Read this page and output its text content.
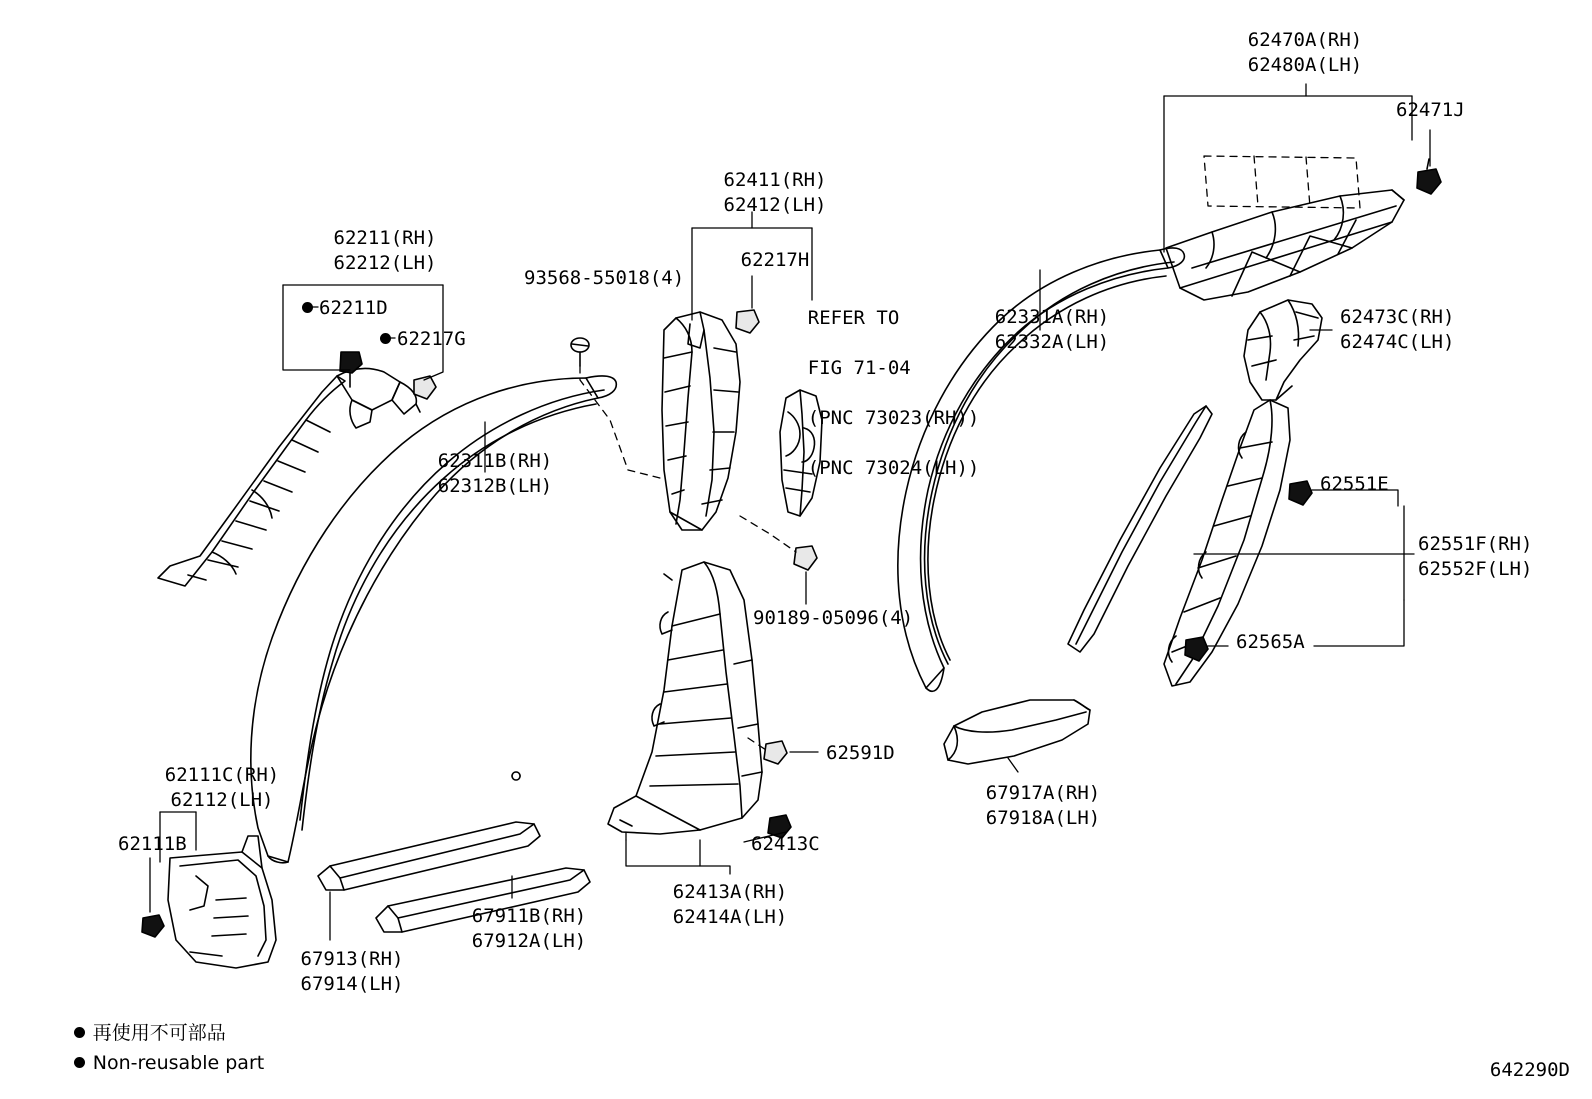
62211(RH)
62212(LH)
62211D
62217G
93568-55018(4)
62411(RH)
62412(LH)
62217H

REFER TO

FIG 71-04

(PNC 73023(RH))

(PNC 73024(LH))

62311B(RH)
62312B(LH)
90189-05096(4)
62591D
62413C
62413A(RH)
62414A(LH)
62111C(RH)
62112(LH)
62111B
67913(RH)
67914(LH)
67911B(RH)
67912A(LH)
62470A(RH)
62480A(LH)
62471J
62331A(RH)
62332A(LH)
62473C(RH)
62474C(LH)
62551E
62551F(RH)
62552F(LH)
62565A
67917A(RH)
67918A(LH)

再使用不可部品

Non-reusable part
	642290D
